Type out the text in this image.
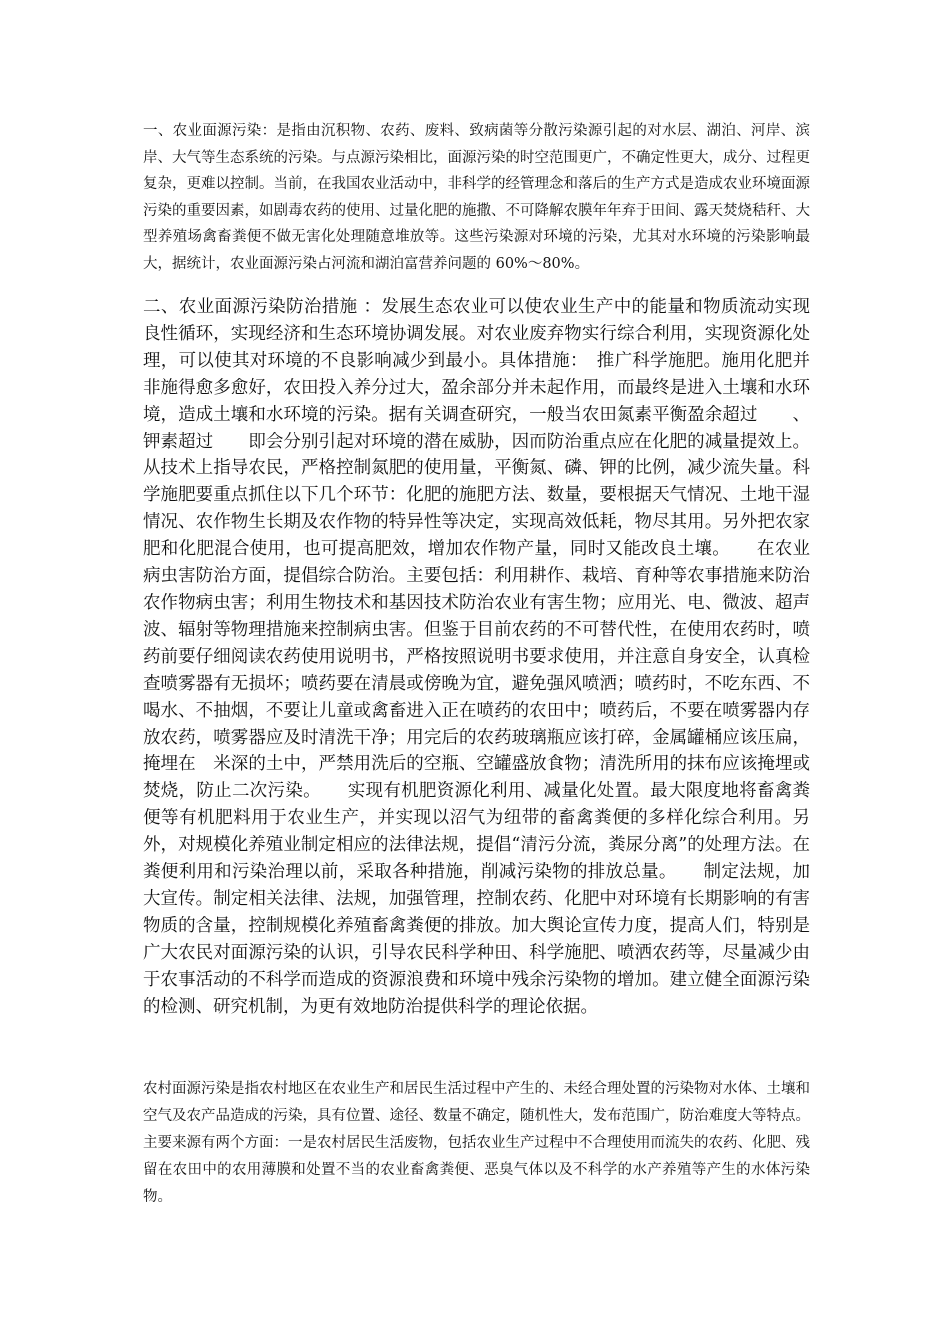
一、农业面源污染：是指由沉积物、农药、废料、致病菌等分散污染源引起的对水层、湖泊、河岸、滨岸、大气等生态系统的污染。与点源污染相比，面源污染的时空范围更广，不确定性更大，成分、过程更复杂，更难以控制。当前，在我国农业活动中，非科学的经管理念和落后的生产方式是造成农业环境面源污染的重要因素，如剧毒农药的使用、过量化肥的施撒、不可降解农膜年年弃于田间、露天焚烧秸秆、大型养殖场禽畜粪便不做无害化处理随意堆放等。这些污染源对环境的污染，尤其对水环境的污染影响最大，据统计，农业面源污染占河流和湖泊富营养问题的 60%～80%。

二、农业面源污染防治措施 ：发展生态农业可以使农业生产中的能量和物质流动实现良性循环，实现经济和生态环境协调发展。对农业废弃物实行综合利用，实现资源化处理，可以使其对环境的不良影响减少到最小。具体措施：　推广科学施肥。施用化肥并非施得愈多愈好，农田投入养分过大，盈余部分并未起作用，而最终是进入土壤和水环境，造成土壤和水环境的污染。据有关调查研究，一般当农田氮素平衡盈余超过　　、钾素超过　　即会分别引起对环境的潜在威胁，因而防治重点应在化肥的减量提效上。从技术上指导农民，严格控制氮肥的使用量，平衡氮、磷、钾的比例，减少流失量。科学施肥要重点抓住以下几个环节：化肥的施肥方法、数量，要根据天气情况、土地干湿情况、农作物生长期及农作物的特异性等决定，实现高效低耗，物尽其用。另外把农家肥和化肥混合使用，也可提高肥效，增加农作物产量，同时又能改良土壤。　　在农业病虫害防治方面，提倡综合防治。主要包括：利用耕作、栽培、育种等农事措施来防治农作物病虫害；利用生物技术和基因技术防治农业有害生物；应用光、电、微波、超声波、辐射等物理措施来控制病虫害。但鉴于目前农药的不可替代性，在使用农药时，喷药前要仔细阅读农药使用说明书，严格按照说明书要求使用，并注意自身安全，认真检查喷雾器有无损坏；喷药要在清晨或傍晚为宜，避免强风喷洒；喷药时，不吃东西、不喝水、不抽烟，不要让儿童或禽畜进入正在喷药的农田中；喷药后，不要在喷雾器内存放农药，喷雾器应及时清洗干净；用完后的农药玻璃瓶应该打碎，金属罐桶应该压扁，掩埋在　米深的土中，严禁用洗后的空瓶、空罐盛放食物；清洗所用的抹布应该掩埋或焚烧，防止二次污染。　　实现有机肥资源化利用、减量化处置。最大限度地将畜禽粪便等有机肥料用于农业生产，并实现以沼气为纽带的畜禽粪便的多样化综合利用。另外，对规模化养殖业制定相应的法律法规，提倡“清污分流，粪尿分离”的处理方法。在粪便利用和污染治理以前，采取各种措施，削减污染物的排放总量。　　制定法规，加大宣传。制定相关法律、法规，加强管理，控制农药、化肥中对环境有长期影响的有害物质的含量，控制规模化养殖畜禽粪便的排放。加大舆论宣传力度，提高人们，特别是广大农民对面源污染的认识，引导农民科学种田、科学施肥、喷洒农药等，尽量减少由于农事活动的不科学而造成的资源浪费和环境中残余污染物的增加。建立健全面源污染的检测、研究机制，为更有效地防治提供科学的理论依据。

农村面源污染是指农村地区在农业生产和居民生活过程中产生的、未经合理处置的污染物对水体、土壤和空气及农产品造成的污染，具有位置、途径、数量不确定，随机性大，发布范围广，防治难度大等特点。主要来源有两个方面：一是农村居民生活废物，包括农业生产过程中不合理使用而流失的农药、化肥、残留在农田中的农用薄膜和处置不当的农业畜禽粪便、恶臭气体以及不科学的水产养殖等产生的水体污染物。
